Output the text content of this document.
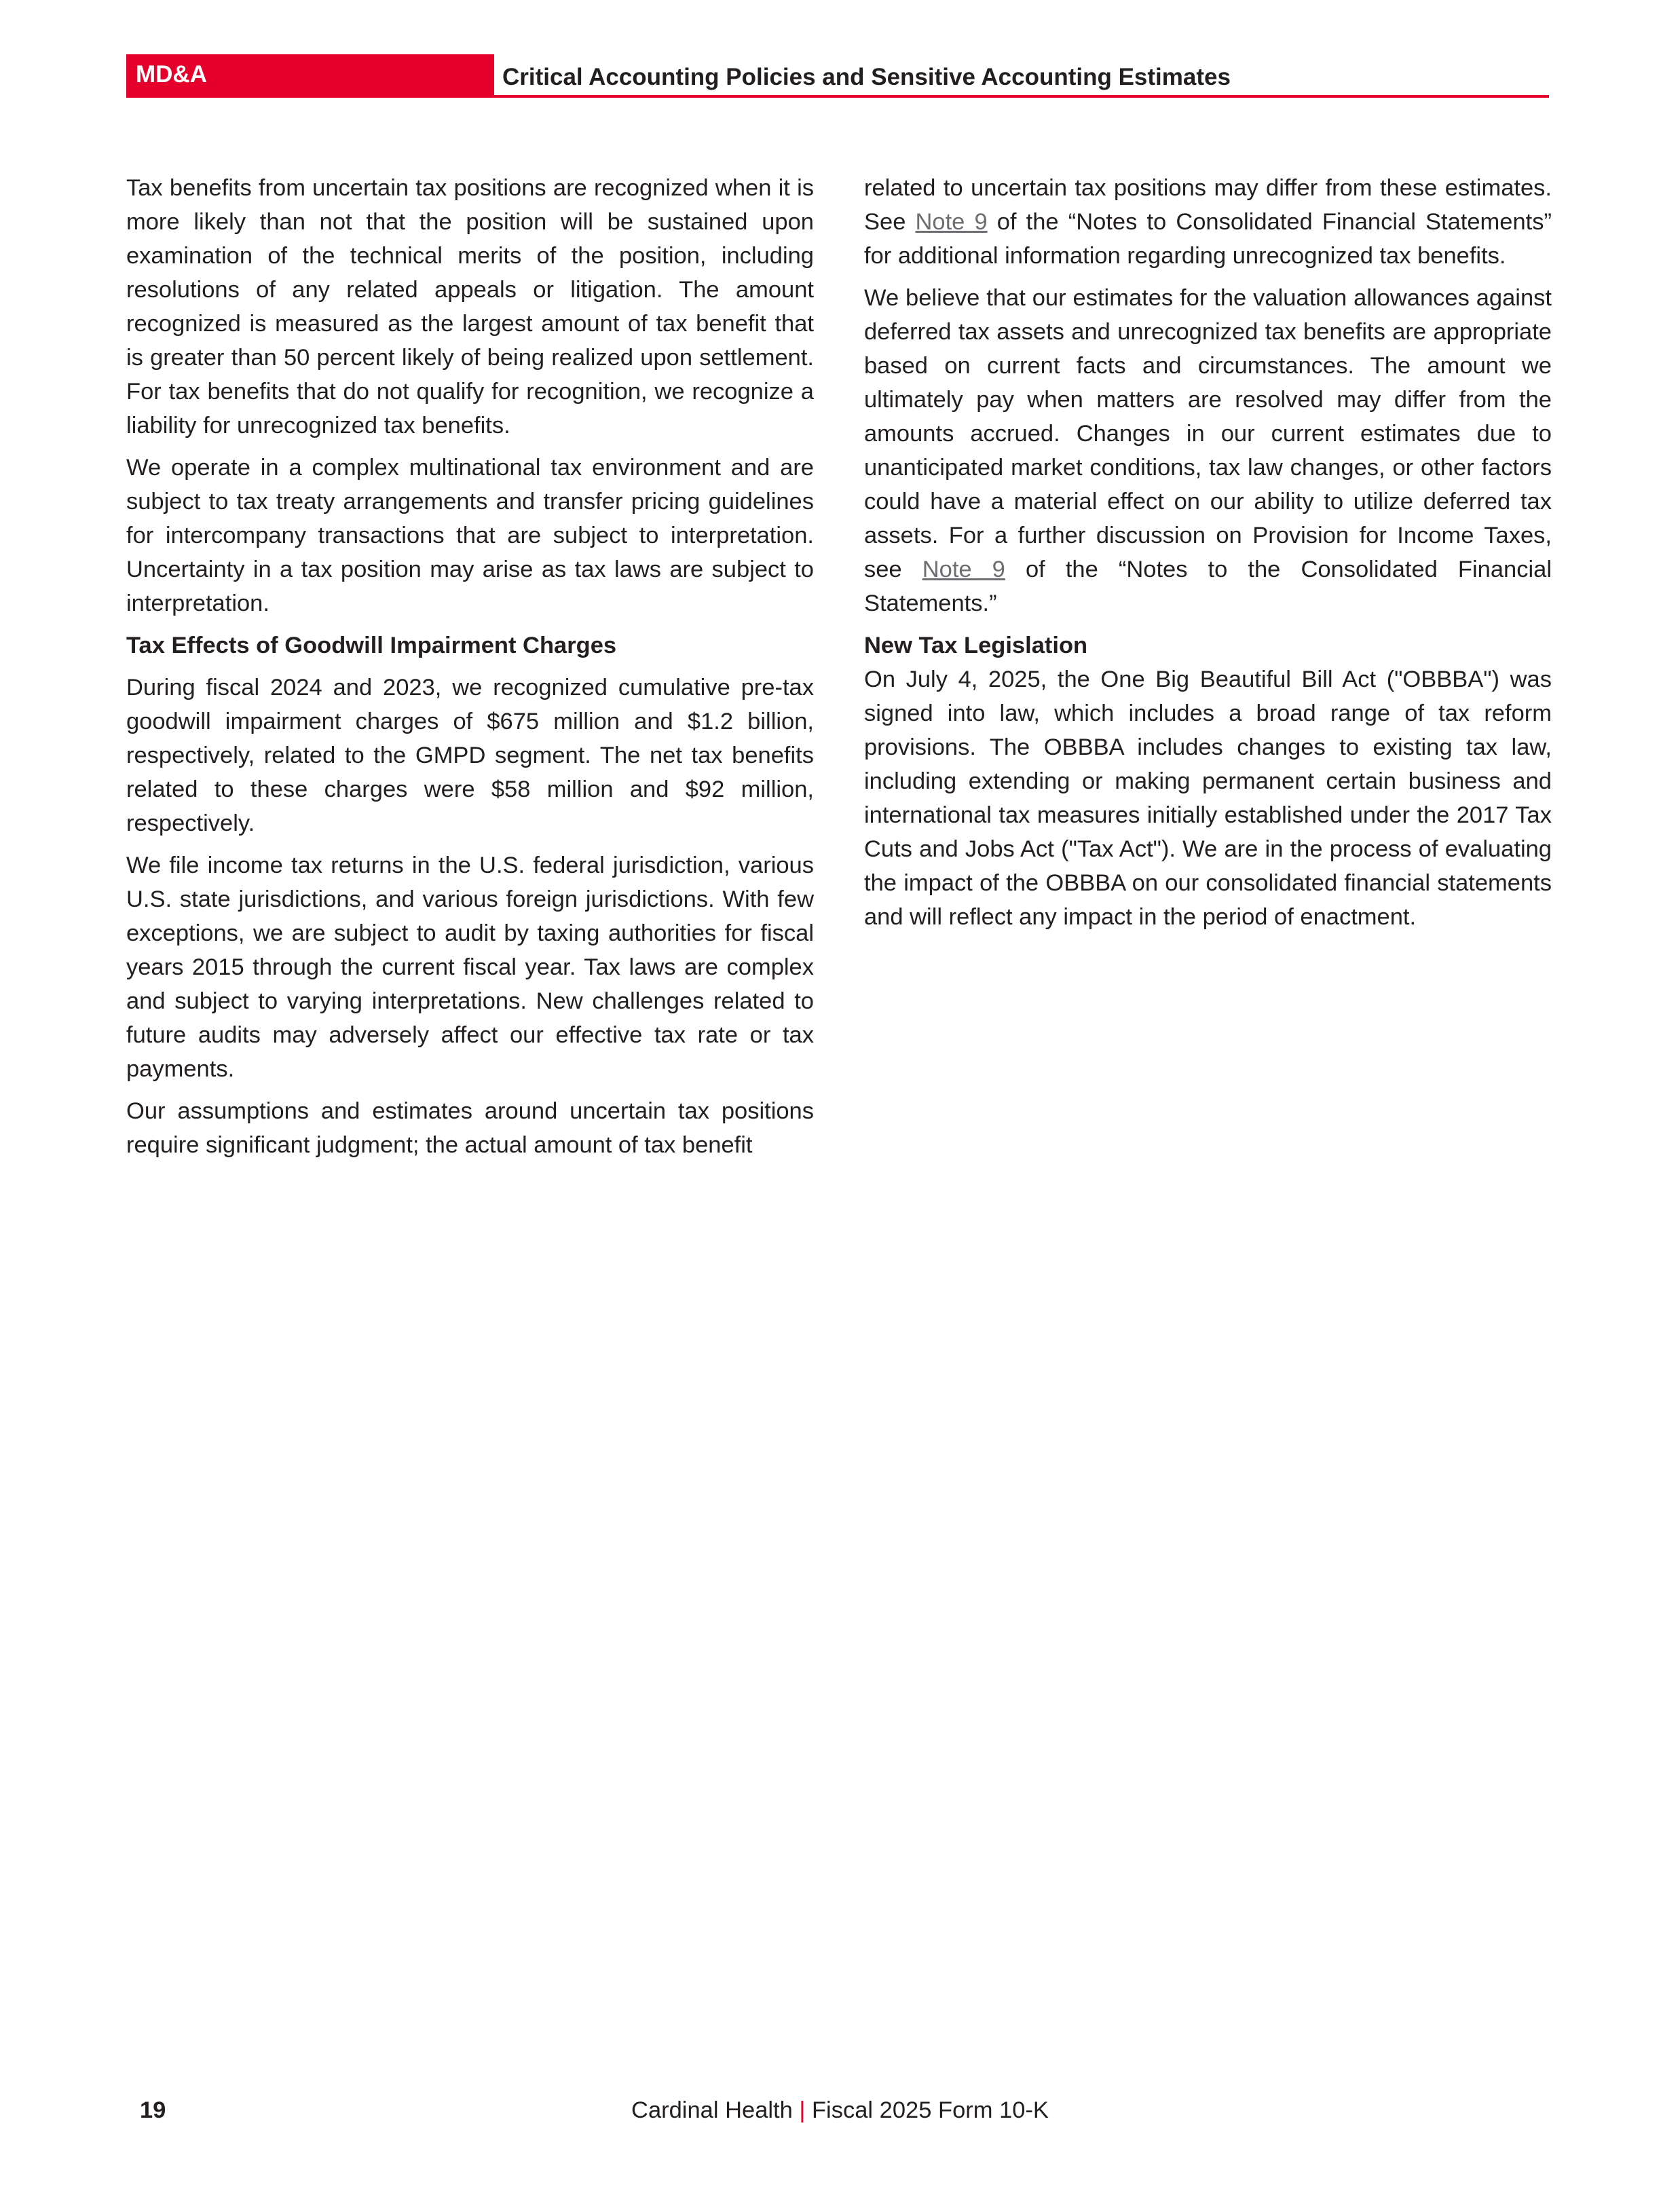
MD&A	Critical Accounting Policies and Sensitive Accounting Estimates

Tax benefits from uncertain tax positions are recognized when it is more likely than not that the position will be sustained upon examination of the technical merits of the position, including resolutions of any related appeals or litigation. The amount recognized is measured as the largest amount of tax benefit that is greater than 50 percent likely of being realized upon settlement. For tax benefits that do not qualify for recognition, we recognize a liability for unrecognized tax benefits.

We operate in a complex multinational tax environment and are subject to tax treaty arrangements and transfer pricing guidelines for intercompany transactions that are subject to interpretation. Uncertainty in a tax position may arise as tax laws are subject to interpretation.

Tax Effects of Goodwill Impairment Charges

During fiscal 2024 and 2023, we recognized cumulative pre-tax goodwill impairment charges of $675 million and $1.2 billion, respectively, related to the GMPD segment. The net tax benefits related to these charges were $58 million and $92 million, respectively.

We file income tax returns in the U.S. federal jurisdiction, various U.S. state jurisdictions, and various foreign jurisdictions. With few exceptions, we are subject to audit by taxing authorities for fiscal years 2015 through the current fiscal year. Tax laws are complex and subject to varying interpretations. New challenges related to future audits may adversely affect our effective tax rate or tax payments.

Our assumptions and estimates around uncertain tax positions require significant judgment; the actual amount of tax benefit

related to uncertain tax positions may differ from these estimates. See Note 9 of the “Notes to Consolidated Financial Statements” for additional information regarding unrecognized tax benefits.

We believe that our estimates for the valuation allowances against deferred tax assets and unrecognized tax benefits are appropriate based on current facts and circumstances. The amount we ultimately pay when matters are resolved may differ from the amounts accrued. Changes in our current estimates due to unanticipated market conditions, tax law changes, or other factors could have a material effect on our ability to utilize deferred tax assets. For a further discussion on Provision for Income Taxes, see Note 9 of the “Notes to the Consolidated Financial Statements.”

New Tax Legislation

On July 4, 2025, the One Big Beautiful Bill Act ("OBBBA") was signed into law, which includes a broad range of tax reform provisions. The OBBBA includes changes to existing tax law, including extending or making permanent certain business and international tax measures initially established under the 2017 Tax Cuts and Jobs Act ("Tax Act"). We are in the process of evaluating the impact of the OBBBA on our consolidated financial statements and will reflect any impact in the period of enactment.

19	Cardinal Health | Fiscal 2025 Form 10-K
